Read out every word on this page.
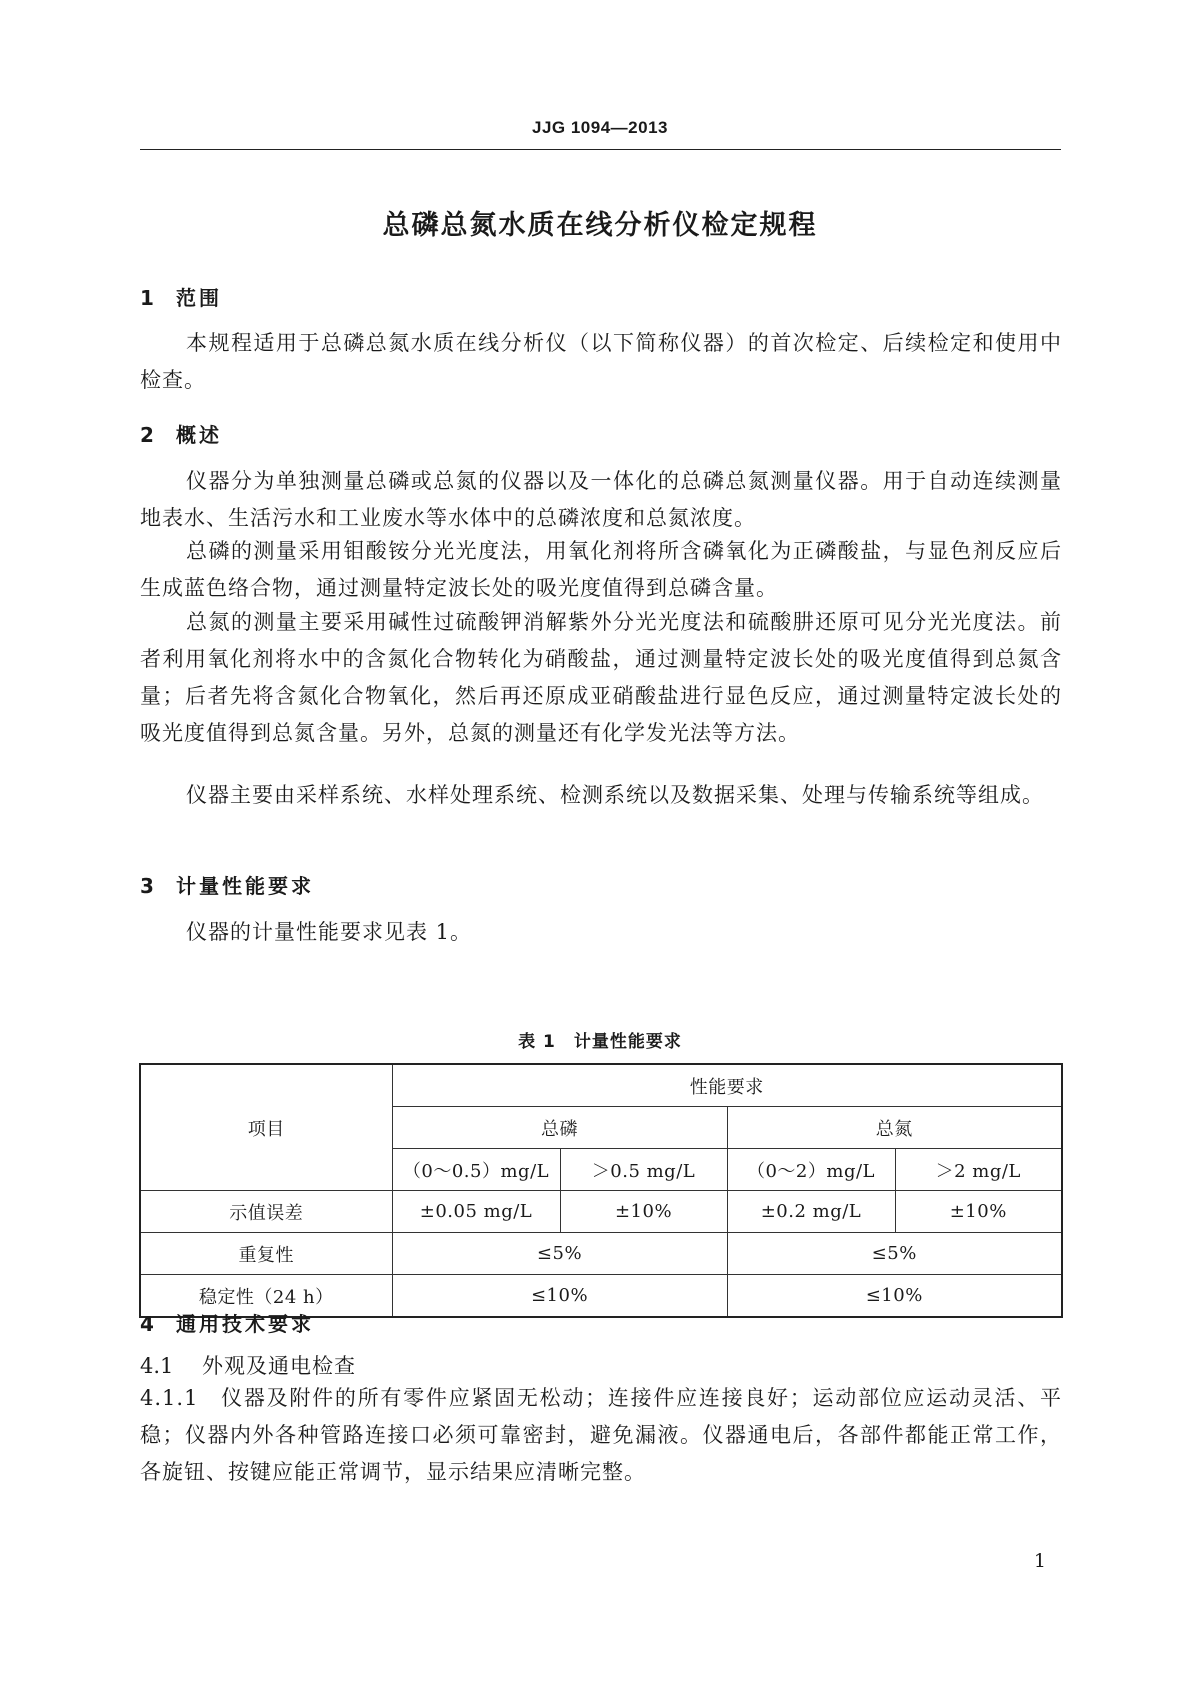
JJG 1094—2013
总磷总氮水质在线分析仪检定规程
1 范围
本规程适用于总磷总氮水质在线分析仪（以下简称仪器）的首次检定、后续检定和使用中检查。
2 概述
仪器分为单独测量总磷或总氮的仪器以及一体化的总磷总氮测量仪器。用于自动连续测量地表水、生活污水和工业废水等水体中的总磷浓度和总氮浓度。
总磷的测量采用钼酸铵分光光度法，用氧化剂将所含磷氧化为正磷酸盐，与显色剂反应后生成蓝色络合物，通过测量特定波长处的吸光度值得到总磷含量。
总氮的测量主要采用碱性过硫酸钾消解紫外分光光度法和硫酸肼还原可见分光光度法。前者利用氧化剂将水中的含氮化合物转化为硝酸盐，通过测量特定波长处的吸光度值得到总氮含量；后者先将含氮化合物氧化，然后再还原成亚硝酸盐进行显色反应，通过测量特定波长处的吸光度值得到总氮含量。另外，总氮的测量还有化学发光法等方法。
仪器主要由采样系统、水样处理系统、检测系统以及数据采集、处理与传输系统等组成。
3 计量性能要求
仪器的计量性能要求见表 1。
表 1　计量性能要求
项目	性能要求			
	总磷		总氮	
	（0～0.5）mg/L	＞0.5 mg/L	（0～2）mg/L	＞2 mg/L
示值误差	±0.05 mg/L	±10%	±0.2 mg/L	±10%
重复性	≤5%		≤5%	
稳定性（24 h）	≤10%		≤10%	
4 通用技术要求
4.1 外观及通电检查
4.1.1 仪器及附件的所有零件应紧固无松动；连接件应连接良好；运动部位应运动灵活、平稳；仪器内外各种管路连接口必须可靠密封，避免漏液。仪器通电后，各部件都能正常工作，各旋钮、按键应能正常调节，显示结果应清晰完整。
1
